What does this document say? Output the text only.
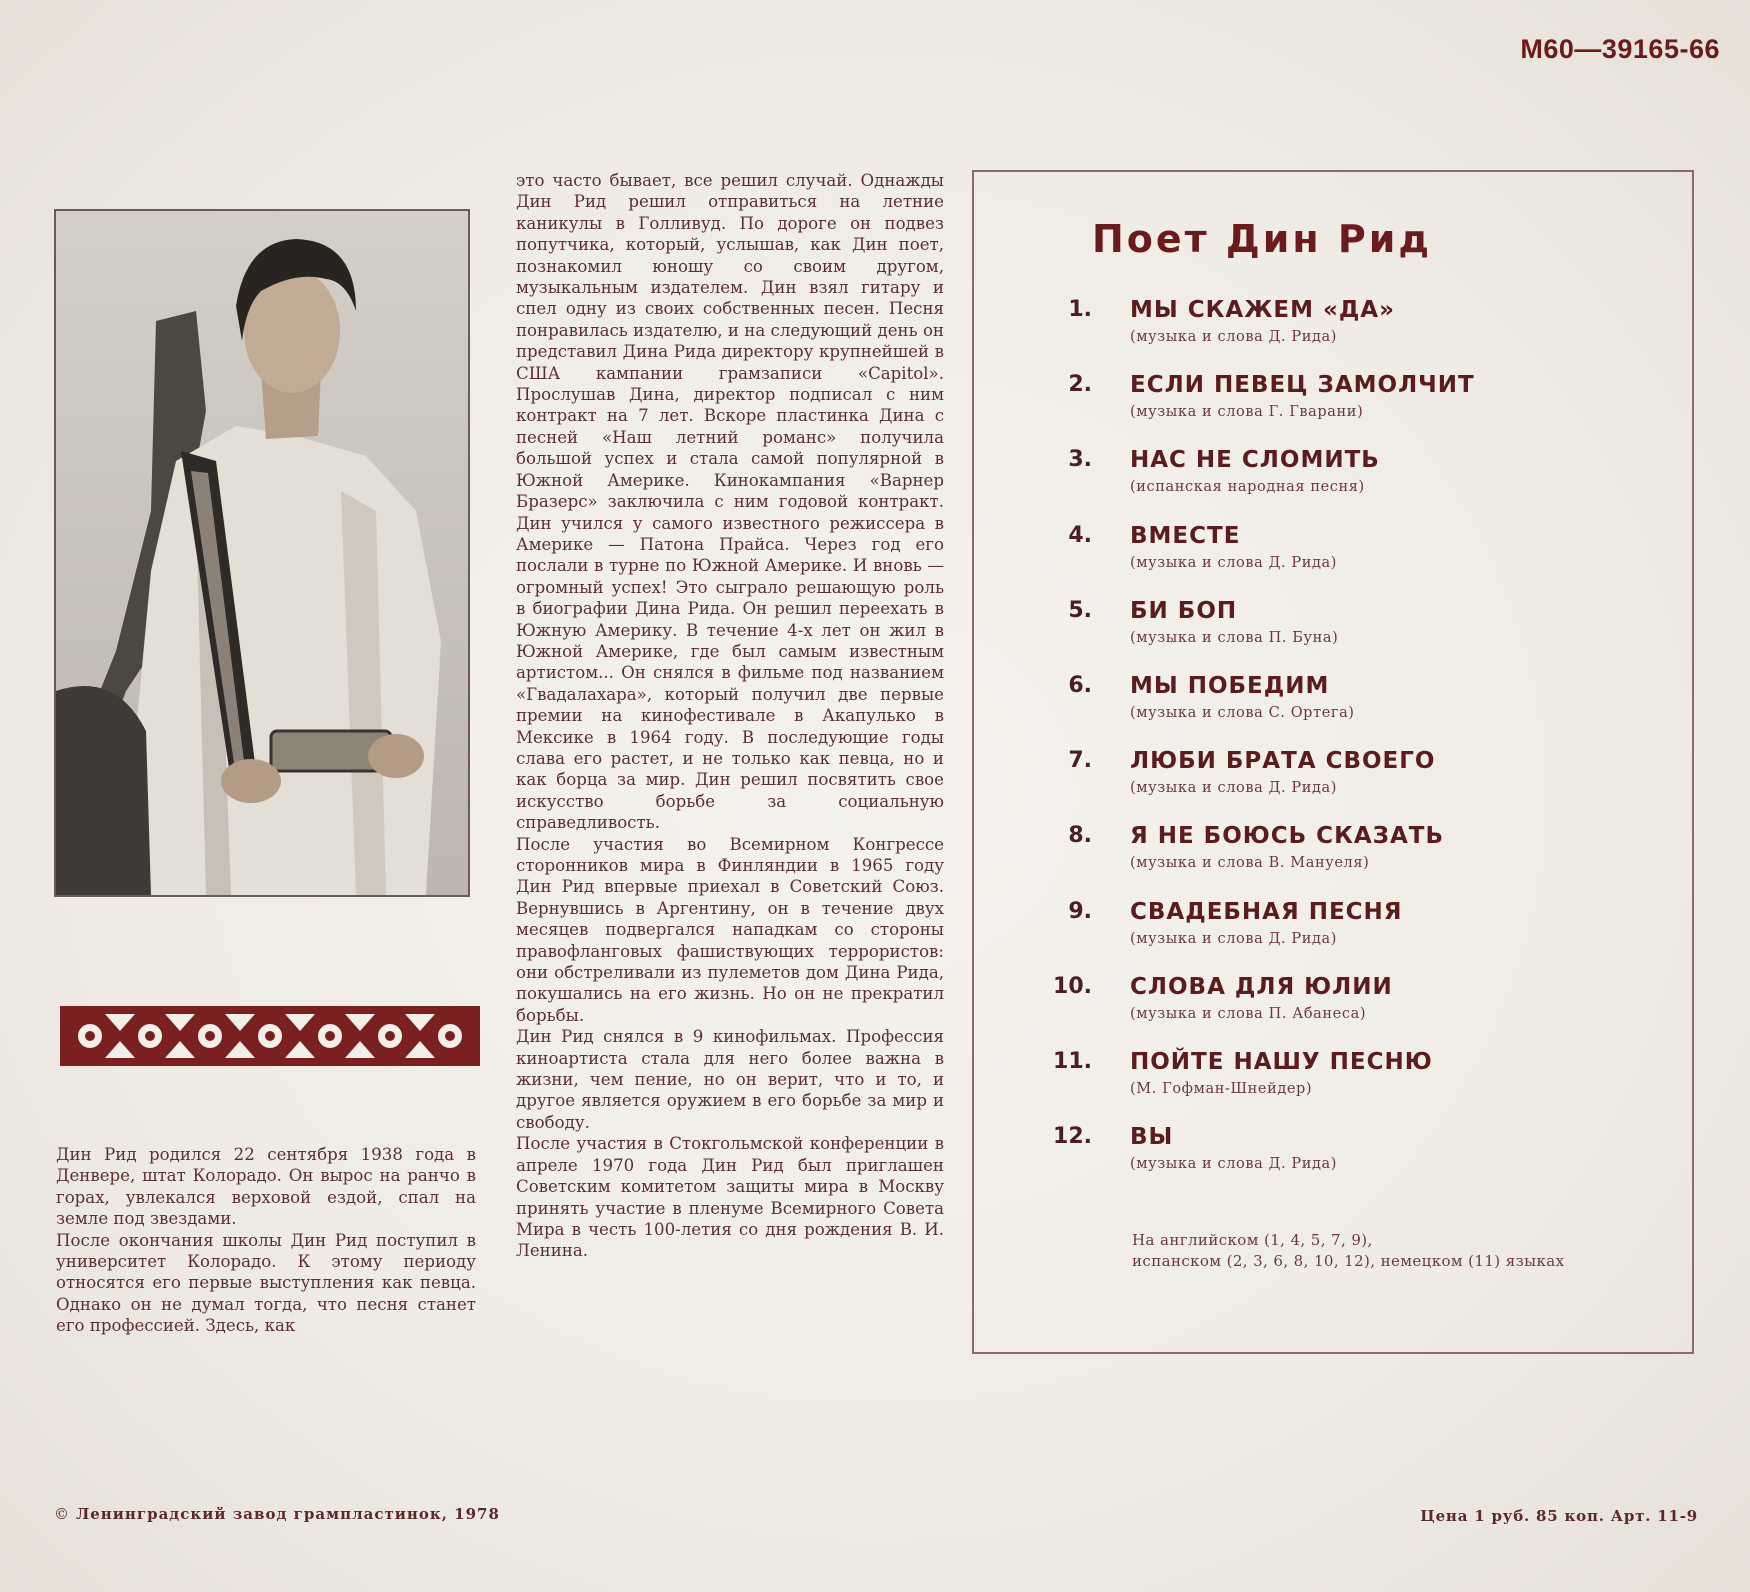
М60—39165-66

Дин Рид родился 22 сентября 1938 года в Денвере, штат Колорадо. Он вырос на ранчо в горах, увлекался верховой ездой, спал на земле под звездами.

После окончания школы Дин Рид поступил в университет Колорадо. К этому периоду относятся его первые выступления как певца. Однако он не думал тогда, что песня станет его профессией. Здесь, как

это часто бывает, все решил случай. Однажды Дин Рид решил отправиться на летние каникулы в Голливуд. По дороге он подвез попутчика, который, услышав, как Дин поет, познакомил юношу со своим другом, музыкальным издателем. Дин взял гитару и спел одну из своих собственных песен. Песня понравилась издателю, и на следующий день он представил Дина Рида директору крупнейшей в США кампании грамзаписи «Capitol». Прослушав Дина, директор подписал с ним контракт на 7 лет. Вскоре пластинка Дина с песней «Наш летний романс» получила большой успех и стала самой популярной в Южной Америке. Кинокампания «Варнер Бразерс» заключила с ним годовой контракт. Дин учился у самого известного режиссера в Америке — Патона Прайса. Через год его послали в турне по Южной Америке. И вновь — огромный успех! Это сыграло решающую роль в биографии Дина Рида. Он решил переехать в Южную Америку. В течение 4-х лет он жил в Южной Америке, где был самым известным артистом... Он снялся в фильме под названием «Гвадалахара», который получил две первые премии на кинофестивале в Акапулько в Мексике в 1964 году. В последующие годы слава его растет, и не только как певца, но и как борца за мир. Дин решил посвятить свое искусство борьбе за социальную справедливость.

После участия во Всемирном Конгрессе сторонников мира в Финляндии в 1965 году Дин Рид впервые приехал в Советский Союз. Вернувшись в Аргентину, он в течение двух месяцев подвергался нападкам со стороны правофланговых фашиствующих террористов: они обстреливали из пулеметов дом Дина Рида, покушались на его жизнь. Но он не прекратил борьбы.

Дин Рид снялся в 9 кинофильмах. Профессия киноартиста стала для него более важна в жизни, чем пение, но он верит, что и то, и другое является оружием в его борьбе за мир и свободу.

После участия в Стокгольмской конференции в апреле 1970 года Дин Рид был приглашен Советским комитетом защиты мира в Москву принять участие в пленуме Всемирного Совета Мира в честь 100-летия со дня рождения В. И. Ленина.

Поет Дин Рид
1. МЫ СКАЖЕМ «ДА»
(музыка и слова Д. Рида)
2. ЕСЛИ ПЕВЕЦ ЗАМОЛЧИТ
(музыка и слова Г. Гварани)
3. НАС НЕ СЛОМИТЬ
(испанская народная песня)
4. ВМЕСТЕ
(музыка и слова Д. Рида)
5. БИ БОП
(музыка и слова П. Буна)
6. МЫ ПОБЕДИМ
(музыка и слова С. Ортега)
7. ЛЮБИ БРАТА СВОЕГО
(музыка и слова Д. Рида)
8. Я НЕ БОЮСЬ СКАЗАТЬ
(музыка и слова В. Мануеля)
9. СВАДЕБНАЯ ПЕСНЯ
(музыка и слова Д. Рида)
10. СЛОВА ДЛЯ ЮЛИИ
(музыка и слова П. Абанеса)
11. ПОЙТЕ НАШУ ПЕСНЮ
(М. Гофман-Шнейдер)
12. ВЫ
(музыка и слова Д. Рида)
На английском (1, 4, 5, 7, 9),
испанском (2, 3, 6, 8, 10, 12), немецком (11) языках
© Ленинградский завод грампластинок, 1978	Цена 1 руб. 85 коп. Арт. 11-9
